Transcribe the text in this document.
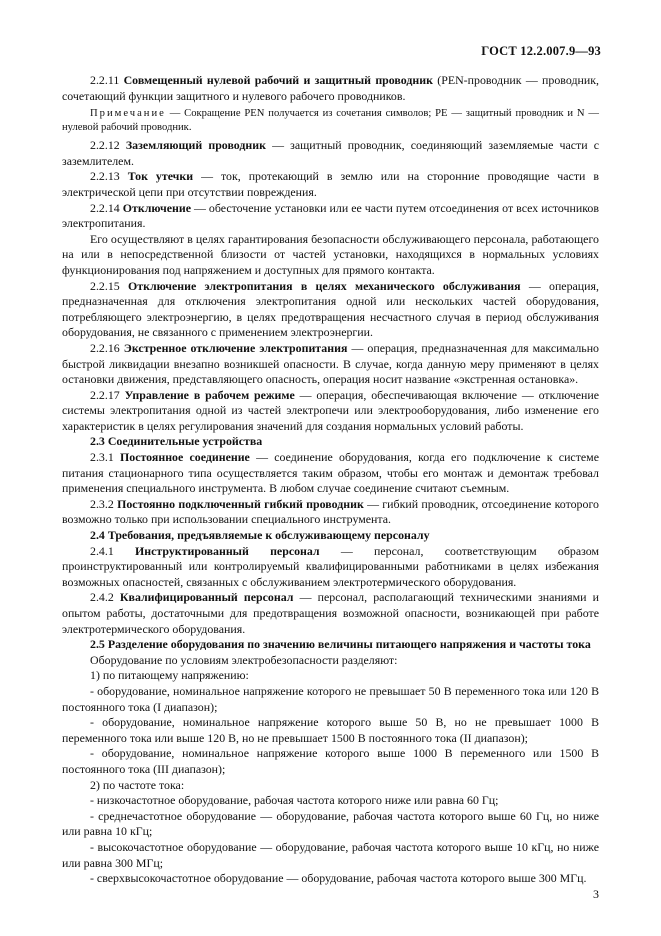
ГОСТ 12.2.007.9—93

2.2.11 Совмещенный нулевой рабочий и защитный проводник (PEN-проводник — проводник, сочетающий функции защитного и нулевого рабочего проводников.

Примечание — Сокращение PEN получается из сочетания символов; PE — защитный проводник и N — нулевой рабочий проводник.

2.2.12 Заземляющий проводник — защитный проводник, соединяющий заземляемые части с заземлителем.

2.2.13 Ток утечки — ток, протекающий в землю или на сторонние проводящие части в электрической цепи при отсутствии повреждения.

2.2.14 Отключение — обесточение установки или ее части путем отсоединения от всех источников электропитания.

Его осуществляют в целях гарантирования безопасности обслуживающего персонала, работающего на или в непосредственной близости от частей установки, находящихся в нормальных условиях функционирования под напряжением и доступных для прямого контакта.

2.2.15 Отключение электропитания в целях механического обслуживания — операция, предназначенная для отключения электропитания одной или нескольких частей оборудования, потребляющего электроэнергию, в целях предотвращения несчастного случая в период обслуживания оборудования, не связанного с применением электроэнергии.

2.2.16 Экстренное отключение электропитания — операция, предназначенная для максимально быстрой ликвидации внезапно возникшей опасности. В случае, когда данную меру применяют в целях остановки движения, представляющего опасность, операция носит название «экстренная остановка».

2.2.17 Управление в рабочем режиме — операция, обеспечивающая включение — отключение системы электропитания одной из частей электропечи или электрооборудования, либо изменение его характеристик в целях регулирования значений для создания нормальных условий работы.

2.3 Соединительные устройства

2.3.1 Постоянное соединение — соединение оборудования, когда его подключение к системе питания стационарного типа осуществляется таким образом, чтобы его монтаж и демонтаж требовал применения специального инструмента. В любом случае соединение считают съемным.

2.3.2 Постоянно подключенный гибкий проводник — гибкий проводник, отсоединение которого возможно только при использовании специального инструмента.

2.4 Требования, предъявляемые к обслуживающему персоналу

2.4.1 Инструктированный персонал — персонал, соответствующим образом проинструктированный или контролируемый квалифицированными работниками в целях избежания возможных опасностей, связанных с обслуживанием электротермического оборудования.

2.4.2 Квалифицированный персонал — персонал, располагающий техническими знаниями и опытом работы, достаточными для предотвращения возможной опасности, возникающей при работе электротермического оборудования.

2.5 Разделение оборудования по значению величины питающего напряжения и частоты тока

Оборудование по условиям электробезопасности разделяют:

1) по питающему напряжению:

- оборудование, номинальное напряжение которого не превышает 50 В переменного тока или 120 В постоянного тока (I диапазон);

- оборудование, номинальное напряжение которого выше 50 В, но не превышает 1000 В переменного тока или выше 120 В, но не превышает 1500 В постоянного тока (II диапазон);

- оборудование, номинальное напряжение которого выше 1000 В переменного или 1500 В постоянного тока (III диапазон);

2) по частоте тока:

- низкочастотное оборудование, рабочая частота которого ниже или равна 60 Гц;

- среднечастотное оборудование — оборудование, рабочая частота которого выше 60 Гц, но ниже или равна 10 кГц;

- высокочастотное оборудование — оборудование, рабочая частота которого выше 10 кГц, но ниже или равна 300 МГц;

- сверхвысокочастотное оборудование — оборудование, рабочая частота которого выше 300 МГц.

3
